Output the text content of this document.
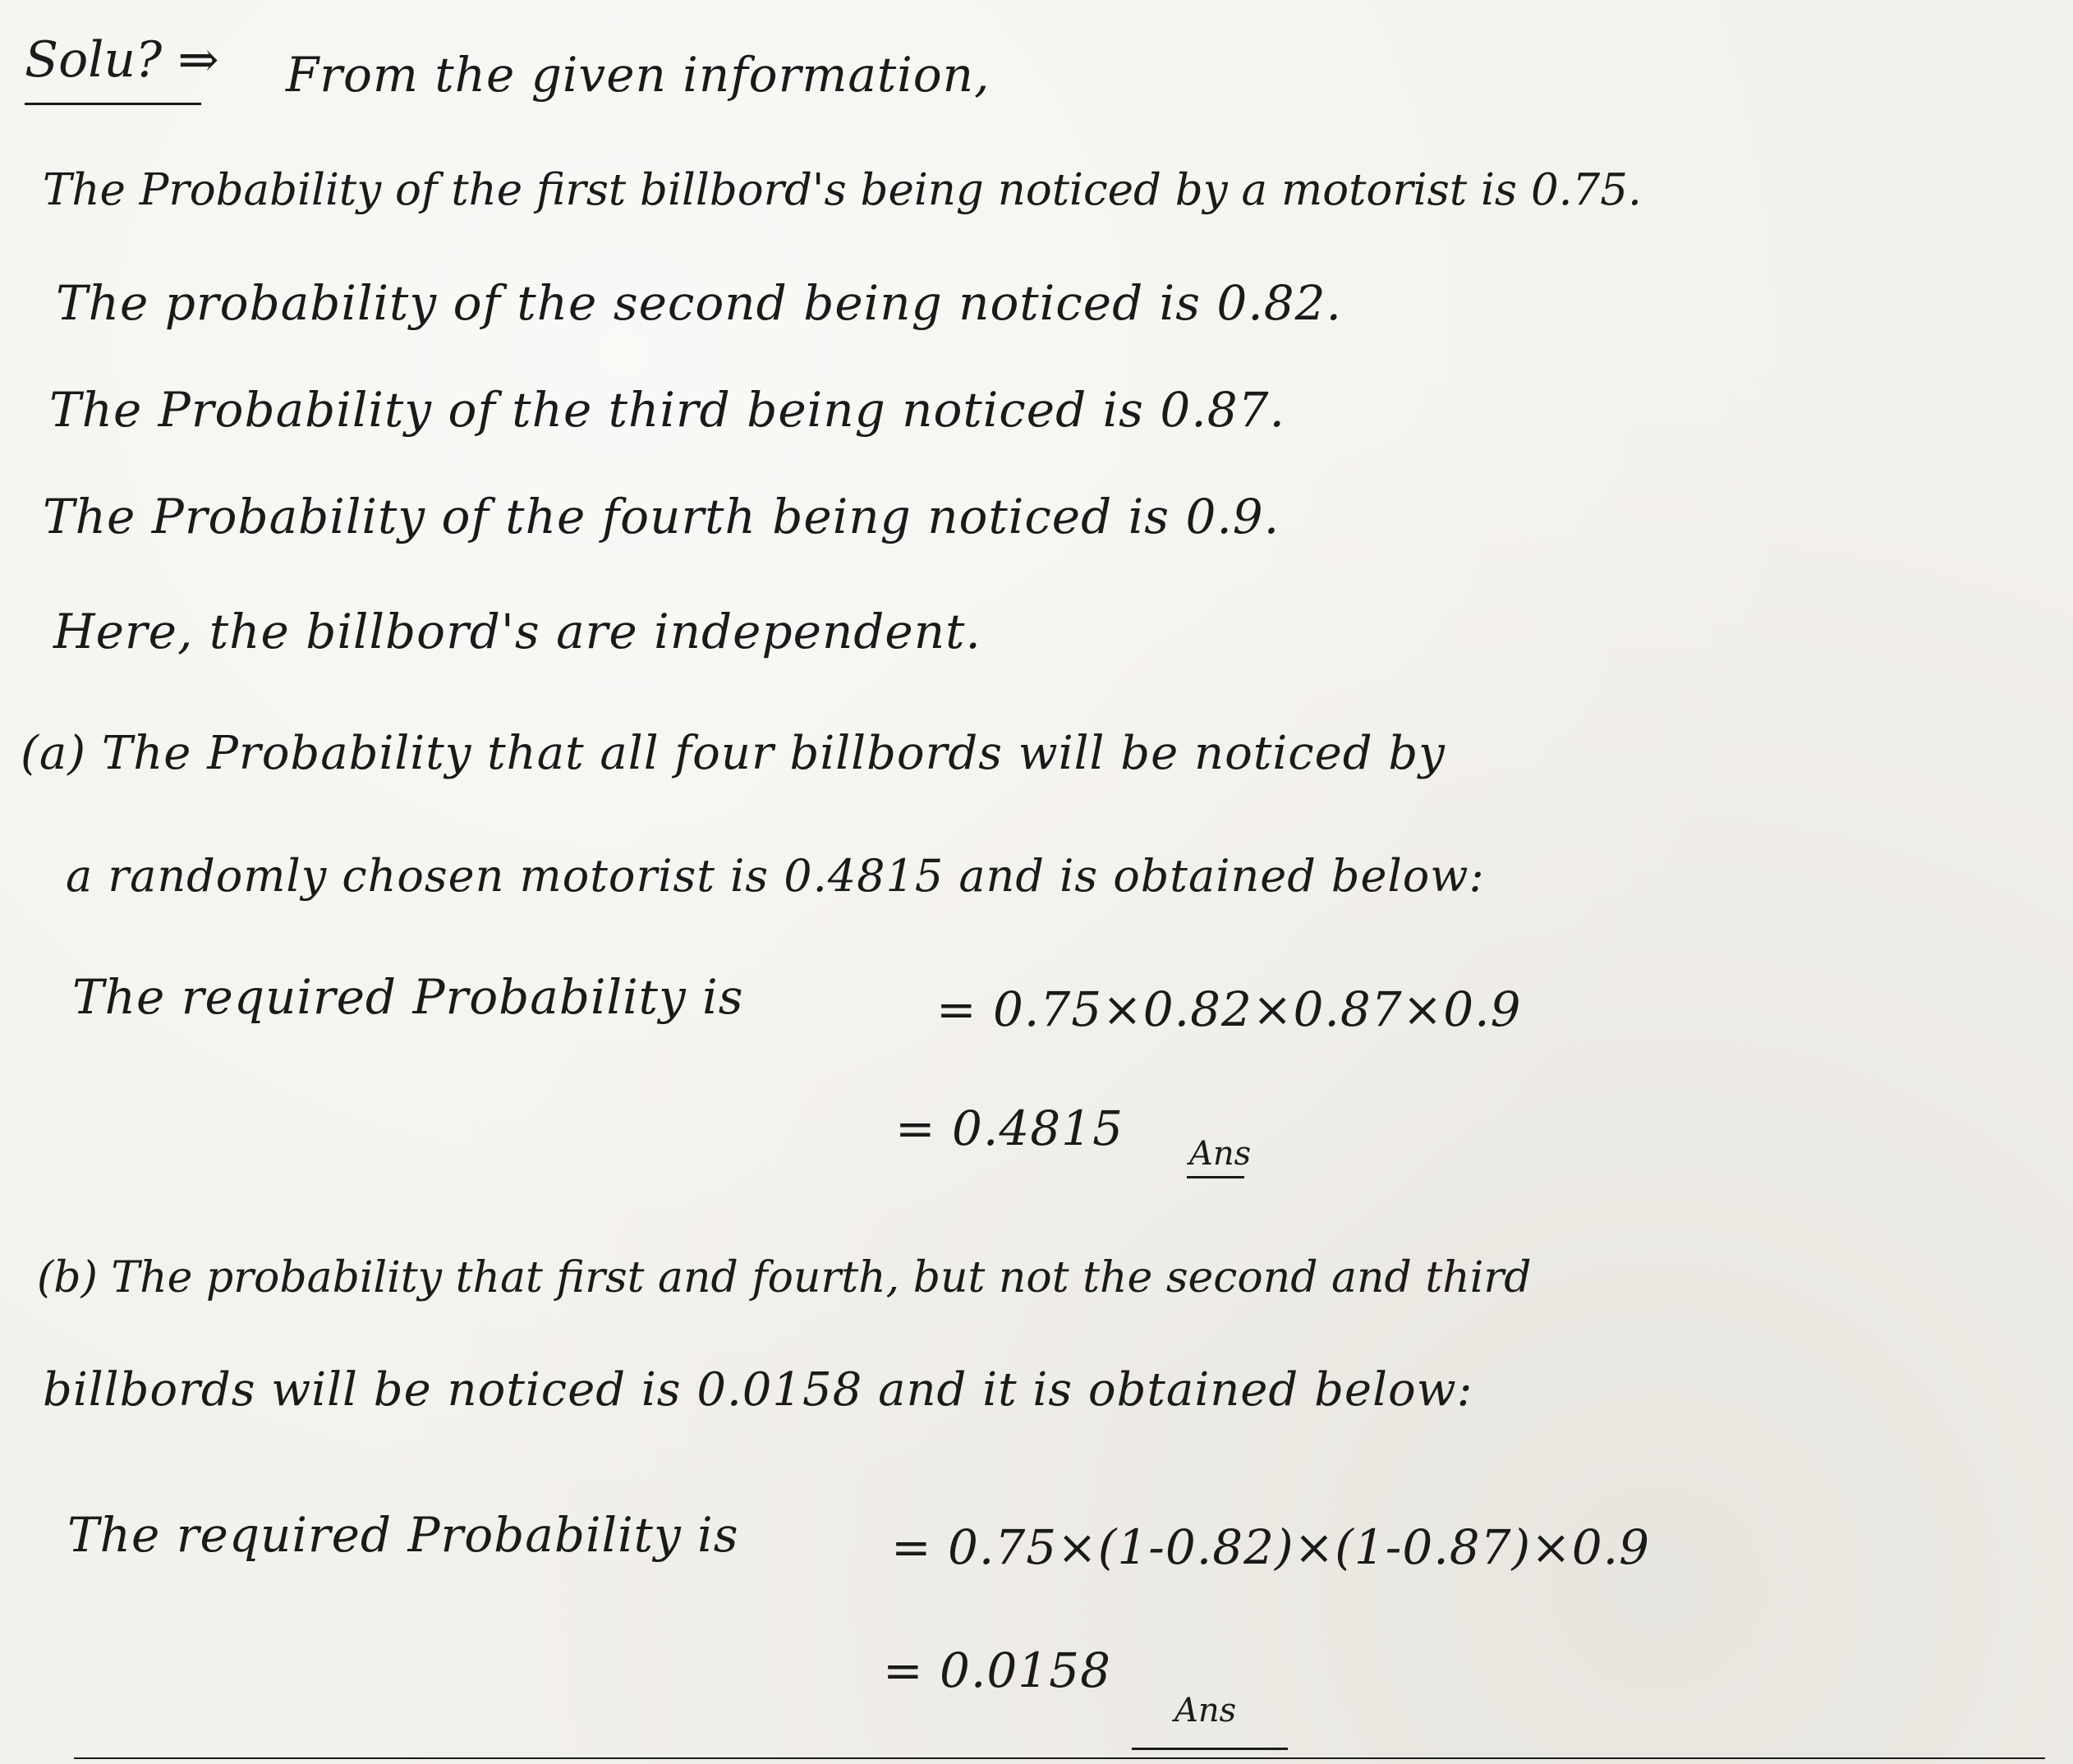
Solu? ⇒ From the given information,
The Probability of the first billbord's being noticed by a motorist is 0.75.
The probability of the second being noticed is 0.82.
The Probability of the third being noticed is 0.87.
The Probability of the fourth being noticed is 0.9.
Here, the billbord's are independent.
(a) The Probability that all four billbords will be noticed by
a randomly chosen motorist is 0.4815 and is obtained below:
The required Probability is	= 0.75×0.82×0.87×0.9
= 0.4815 Ans
(b) The probability that first and fourth, but not the second and third
billbords will be noticed is 0.0158 and it is obtained below:
The required Probability is	= 0.75×(1-0.82)×(1-0.87)×0.9
= 0.0158
Ans
